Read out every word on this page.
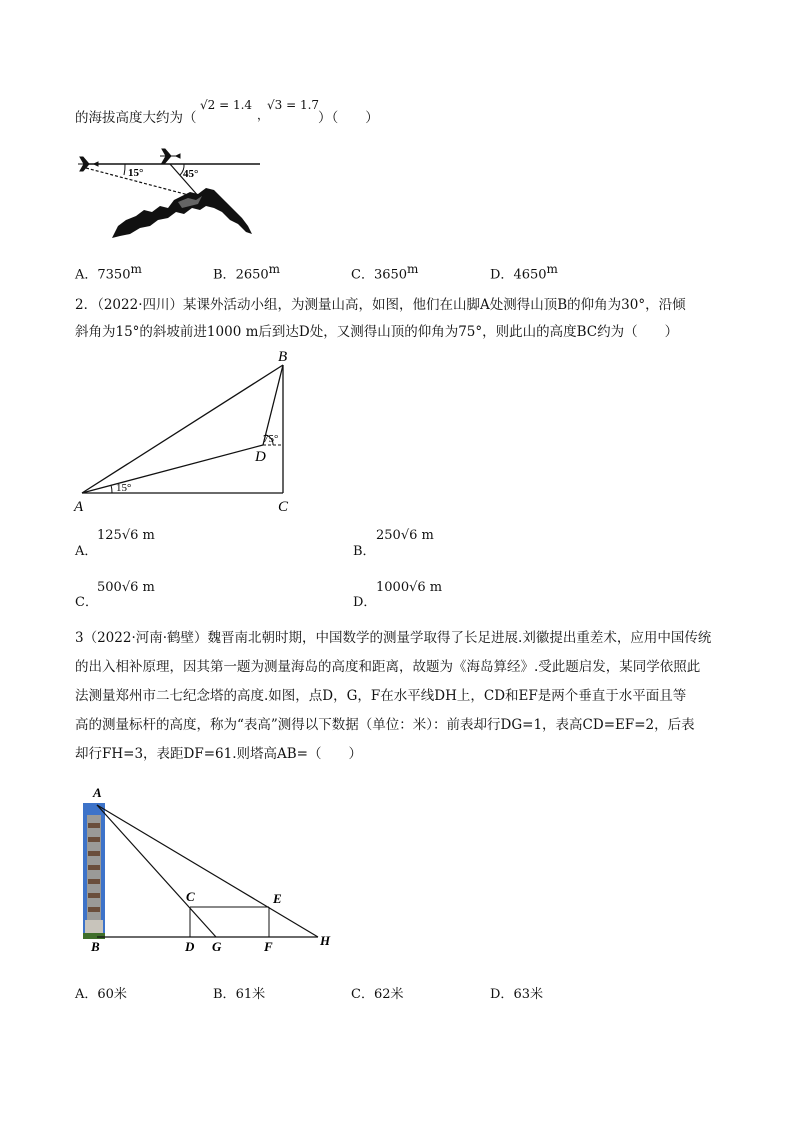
的海拔高度大约为（
√2 = 1.4
，
√3 = 1.7
）（　　）
15°	45°
A．7350$^m$	B．2650$^m$	C．3650$^m$	D．4650$^m$
2．（2022·四川）某课外活动小组，为测量山高，如图，他们在山脚A处测得山顶B的仰角为30°，沿倾
斜角为15°的斜坡前进1000 m后到达D处，又测得山顶的仰角为75°，则此山的高度BC约为（　　）
15°
75°
A
B
C
D
A．
125√6 m
B．
250√6 m
C．
500√6 m
D．
1000√6 m
3（2022·河南·鹤壁）魏晋南北朝时期，中国数学的测量学取得了长足进展.刘徽提出重差术，应用中国传统
的出入相补原理，因其第一题为测量海岛的高度和距离，故题为《海岛算经》.受此题启发，某同学依照此
法测量郑州市二七纪念塔的高度.如图，点D，G，F在水平线DH上，CD和EF是两个垂直于水平面且等
高的测量标杆的高度，称为“表高”测得以下数据（单位：米）：前表却行DG=1，表高CD=EF=2，后表
却行FH=3，表距DF=61.则塔高AB=（　　）
A
B
C
D
E
F
G	H
A．60米	B．61米	C．62米	D．63米
